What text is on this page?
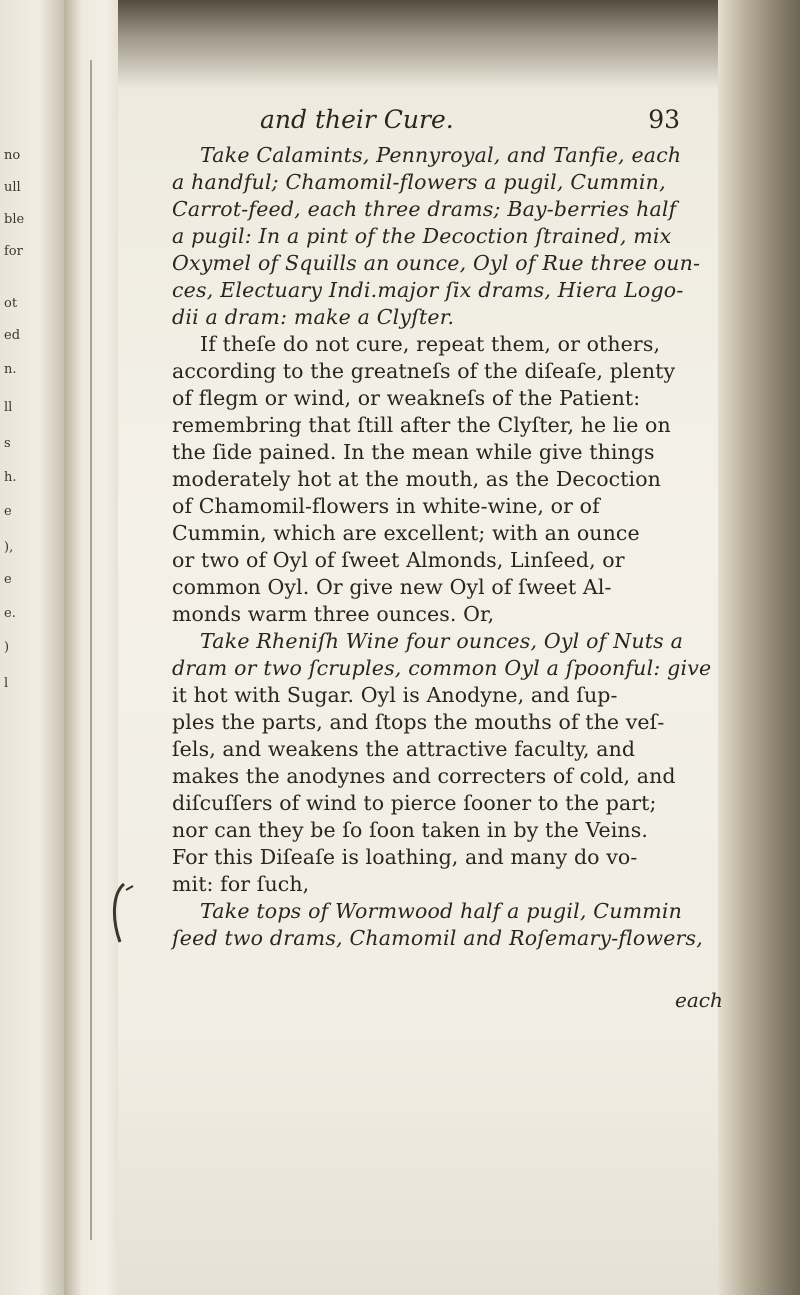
no
ull
ble
for
ot
ed
n.
ll
s
h.
e
),
e
e.
)
l
and their Cure.	93

Take Calamints, Pennyroyal, and Tanfie, each
a handful; Chamomil-flowers a pugil, Cummin,
Carrot-feed, each three drams; Bay-berries half
a pugil: In a pint of the Decoction ſtrained, mix
Oxymel of Squills an ounce, Oyl of Rue three oun-
ces, Electuary Indi.major ſix drams, Hiera Logo-
dii a dram: make a Clyſter.

If theſe do not cure, repeat them, or others,
according to the greatneſs of the diſeaſe, plenty
of flegm or wind, or weakneſs of the Patient:
remembring that ſtill after the Clyſter, he lie on
the ſide pained. In the mean while give things
moderately hot at the mouth, as the Decoction
of Chamomil-flowers in white-wine, or of
Cummin, which are excellent; with an ounce
or two of Oyl of ſweet Almonds, Linſeed, or
common Oyl. Or give new Oyl of ſweet Al-
monds warm three ounces. Or,

Take Rheniſh Wine four ounces, Oyl of Nuts a
dram or two ſcruples, common Oyl a ſpoonful: give
it hot with Sugar. Oyl is Anodyne, and ſup-
ples the parts, and ſtops the mouths of the veſ-
ſels, and weakens the attractive faculty, and
makes the anodynes and correcters of cold, and
diſcuſſers of wind to pierce ſooner to the part;
nor can they be ſo ſoon taken in by the Veins.
For this Diſeaſe is loathing, and many do vo-
mit: for ſuch,

Take tops of Wormwood half a pugil, Cummin
ſeed two drams, Chamomil and Roſemary-flowers,

each
